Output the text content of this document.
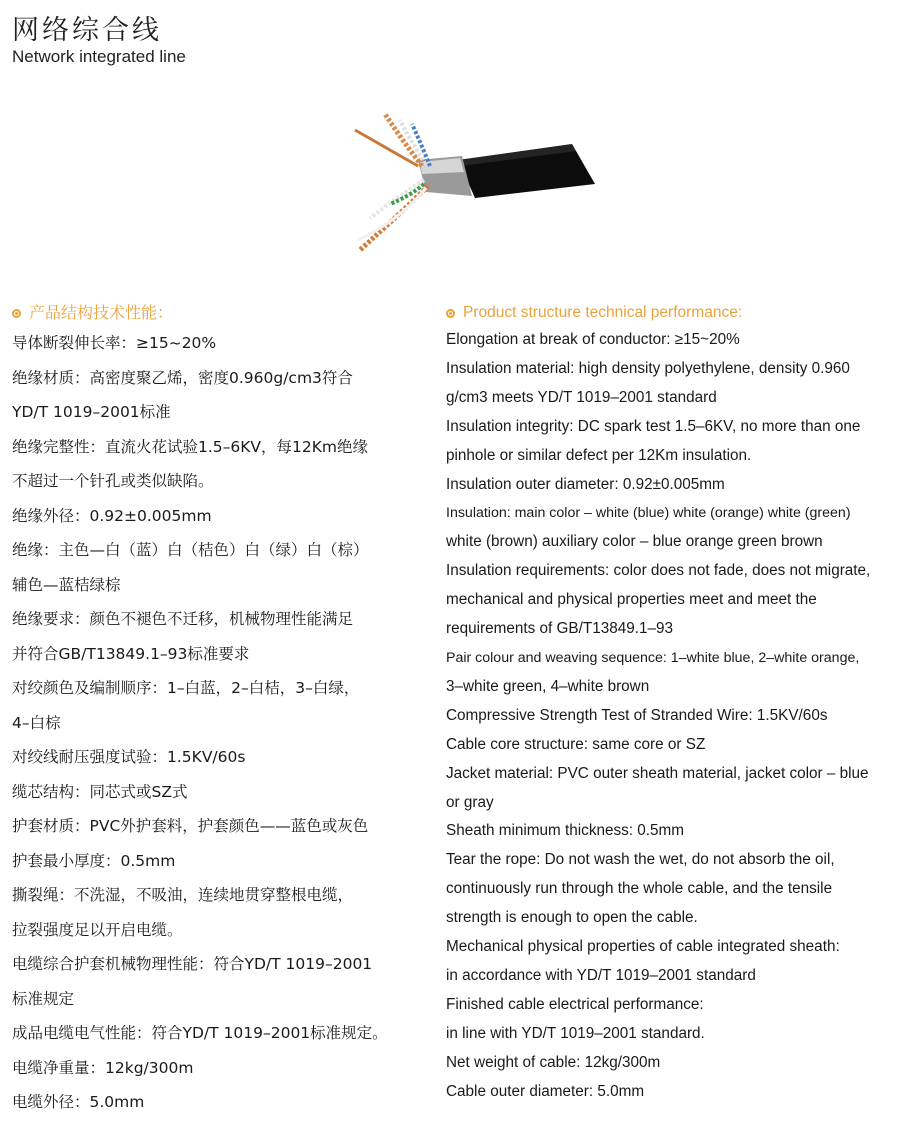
网络综合线
Network integrated line
产品结构技术性能：
导体断裂伸长率：≥15~20%
绝缘材质：高密度聚乙烯，密度0.960g/cm3符合
YD/T 1019–2001标准
绝缘完整性：直流火花试验1.5–6KV，每12Km绝缘
不超过一个针孔或类似缺陷。
绝缘外径：0.92±0.005mm
绝缘：主色—白（蓝）白（桔色）白（绿）白（棕）
辅色—蓝桔绿棕
绝缘要求：颜色不褪色不迁移，机械物理性能满足
并符合GB/T13849.1–93标准要求
对绞颜色及编制顺序：1–白蓝，2–白桔，3–白绿，
4–白棕
对绞线耐压强度试验：1.5KV/60s
缆芯结构：同芯式或SZ式
护套材质：PVC外护套料，护套颜色——蓝色或灰色
护套最小厚度：0.5mm
撕裂绳：不洗湿，不吸油，连续地贯穿整根电缆，
拉裂强度足以开启电缆。
电缆综合护套机械物理性能：符合YD/T 1019–2001
标准规定
成品电缆电气性能：符合YD/T 1019–2001标准规定。
电缆净重量：12kg/300m
电缆外径：5.0mm
Product structure technical performance:
Elongation at break of conductor: ≥15~20%
Insulation material: high density polyethylene, density 0.960
g/cm3 meets YD/T 1019–2001 standard
Insulation integrity: DC spark test 1.5–6KV, no more than one
pinhole or similar defect per 12Km insulation.
Insulation outer diameter: 0.92±0.005mm
Insulation: main color – white (blue) white (orange) white (green)
white (brown) auxiliary color – blue orange green brown
Insulation requirements: color does not fade, does not migrate,
mechanical and physical properties meet and meet the
requirements of GB/T13849.1–93
Pair colour and weaving sequence: 1–white blue, 2–white orange,
3–white green, 4–white brown
Compressive Strength Test of Stranded Wire: 1.5KV/60s
Cable core structure: same core or SZ
Jacket material: PVC outer sheath material, jacket color – blue
or gray
Sheath minimum thickness: 0.5mm
Tear the rope: Do not wash the wet, do not absorb the oil,
continuously run through the whole cable, and the tensile
strength is enough to open the cable.
Mechanical physical properties of cable integrated sheath:
in accordance with YD/T 1019–2001 standard
Finished cable electrical performance:
in line with YD/T 1019–2001 standard.
Net weight of cable: 12kg/300m
Cable outer diameter: 5.0mm
